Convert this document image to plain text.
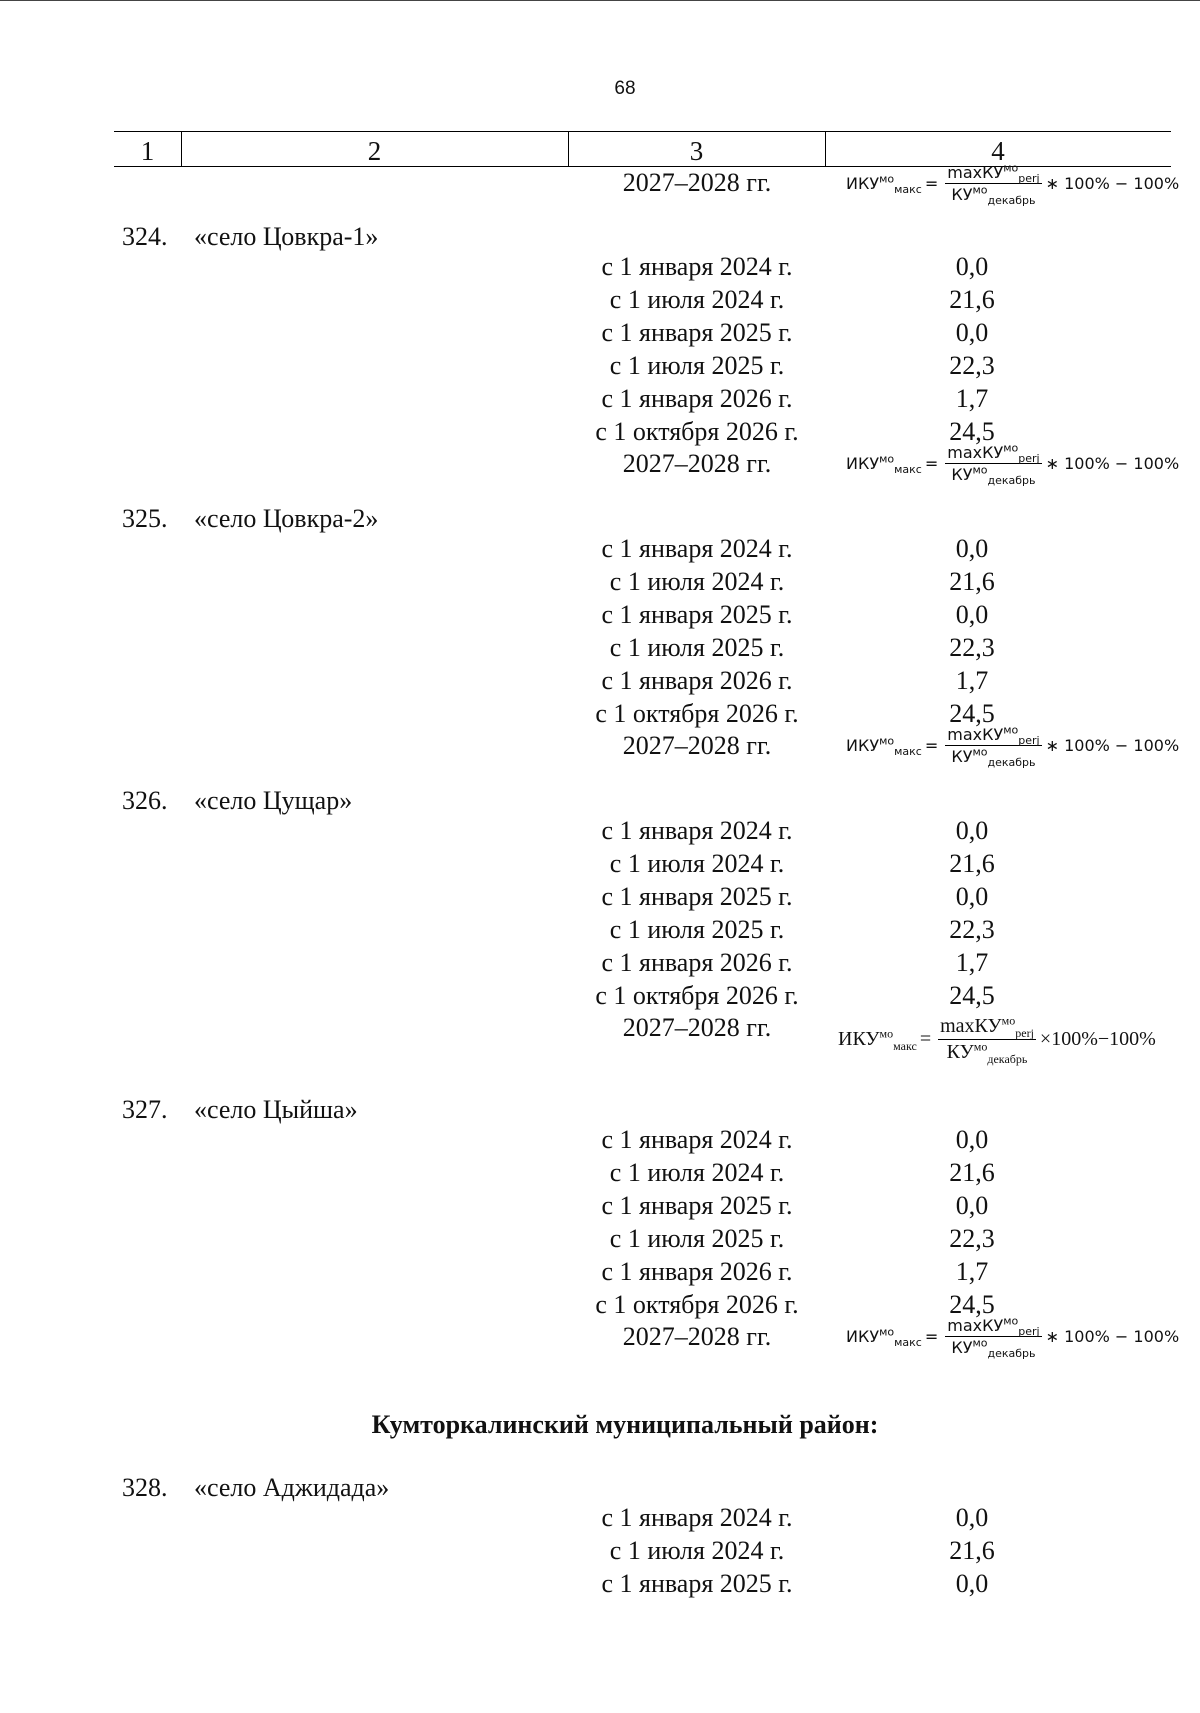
68
1	2	3	4
2027–2028 гг.	$ИКУ^{мо}_{макс} = \frac{\max КУ^{мо}_{perj}}{КУ^{мо}_{декабрь}}$ ∗ 100% − 100%
324. «село Цовкра-1»
с 1 января 2024 г.	0,0
с 1 июля 2024 г.	21,6
с 1 января 2025 г.	0,0
с 1 июля 2025 г.	22,3
с 1 января 2026 г.	1,7
с 1 октября 2026 г.	24,5
2027–2028 гг.	$ИКУ^{мо}_{макс} = \frac{\max КУ^{мо}_{perj}}{КУ^{мо}_{декабрь}}$ ∗ 100% − 100%
325. «село Цовкра-2»
с 1 января 2024 г.	0,0
с 1 июля 2024 г.	21,6
с 1 января 2025 г.	0,0
с 1 июля 2025 г.	22,3
с 1 января 2026 г.	1,7
с 1 октября 2026 г.	24,5
2027–2028 гг.	$ИКУ^{мо}_{макс} = \frac{\max КУ^{мо}_{perj}}{КУ^{мо}_{декабрь}}$ ∗ 100% − 100%
326. «село Цущар»
с 1 января 2024 г.	0,0
с 1 июля 2024 г.	21,6
с 1 января 2025 г.	0,0
с 1 июля 2025 г.	22,3
с 1 января 2026 г.	1,7
с 1 октября 2026 г.	24,5
2027–2028 гг.	$ИКУ^{мо}_{макс} = \frac{\max КУ^{мо}_{perj}}{КУ^{мо}_{декабрь}} \times 100\%-100\%$
327. «село Цыйша»
с 1 января 2024 г.	0,0
с 1 июля 2024 г.	21,6
с 1 января 2025 г.	0,0
с 1 июля 2025 г.	22,3
с 1 января 2026 г.	1,7
с 1 октября 2026 г.	24,5
2027–2028 гг.	$ИКУ^{мо}_{макс} = \frac{\max КУ^{мо}_{perj}}{КУ^{мо}_{декабрь}}$ ∗ 100% − 100%
328. «село Аджидада»
с 1 января 2024 г.	0,0
с 1 июля 2024 г.	21,6
с 1 января 2025 г.	0,0
Кумторкалинский муниципальный район:
